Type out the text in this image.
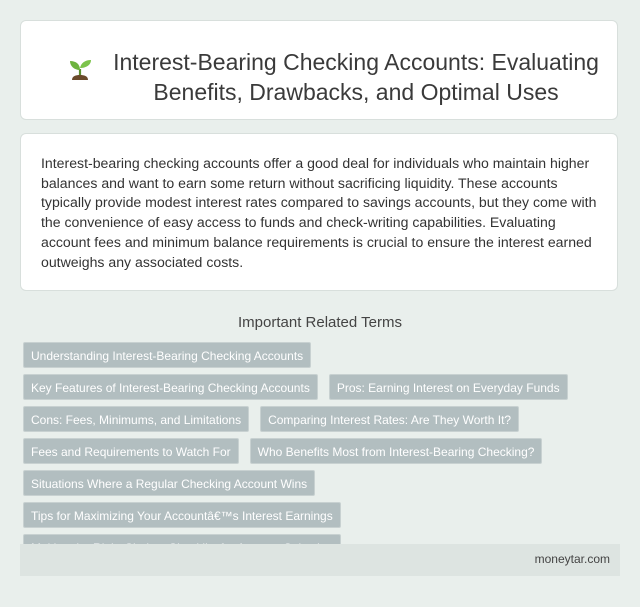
Interest-Bearing Checking Accounts: Evaluating Benefits, Drawbacks, and Optimal Uses
Interest-bearing checking accounts offer a good deal for individuals who maintain higher balances and want to earn some return without sacrificing liquidity. These accounts typically provide modest interest rates compared to savings accounts, but they come with the convenience of easy access to funds and check-writing capabilities. Evaluating account fees and minimum balance requirements is crucial to ensure the interest earned outweighs any associated costs.
Important Related Terms
Understanding Interest-Bearing Checking Accounts
Key Features of Interest-Bearing Checking Accounts	Pros: Earning Interest on Everyday Funds
Cons: Fees, Minimums, and Limitations	Comparing Interest Rates: Are They Worth It?
Fees and Requirements to Watch For	Who Benefits Most from Interest-Bearing Checking?
Situations Where a Regular Checking Account Wins
Tips for Maximizing Your Accountâ€™s Interest Earnings
moneytar.com
